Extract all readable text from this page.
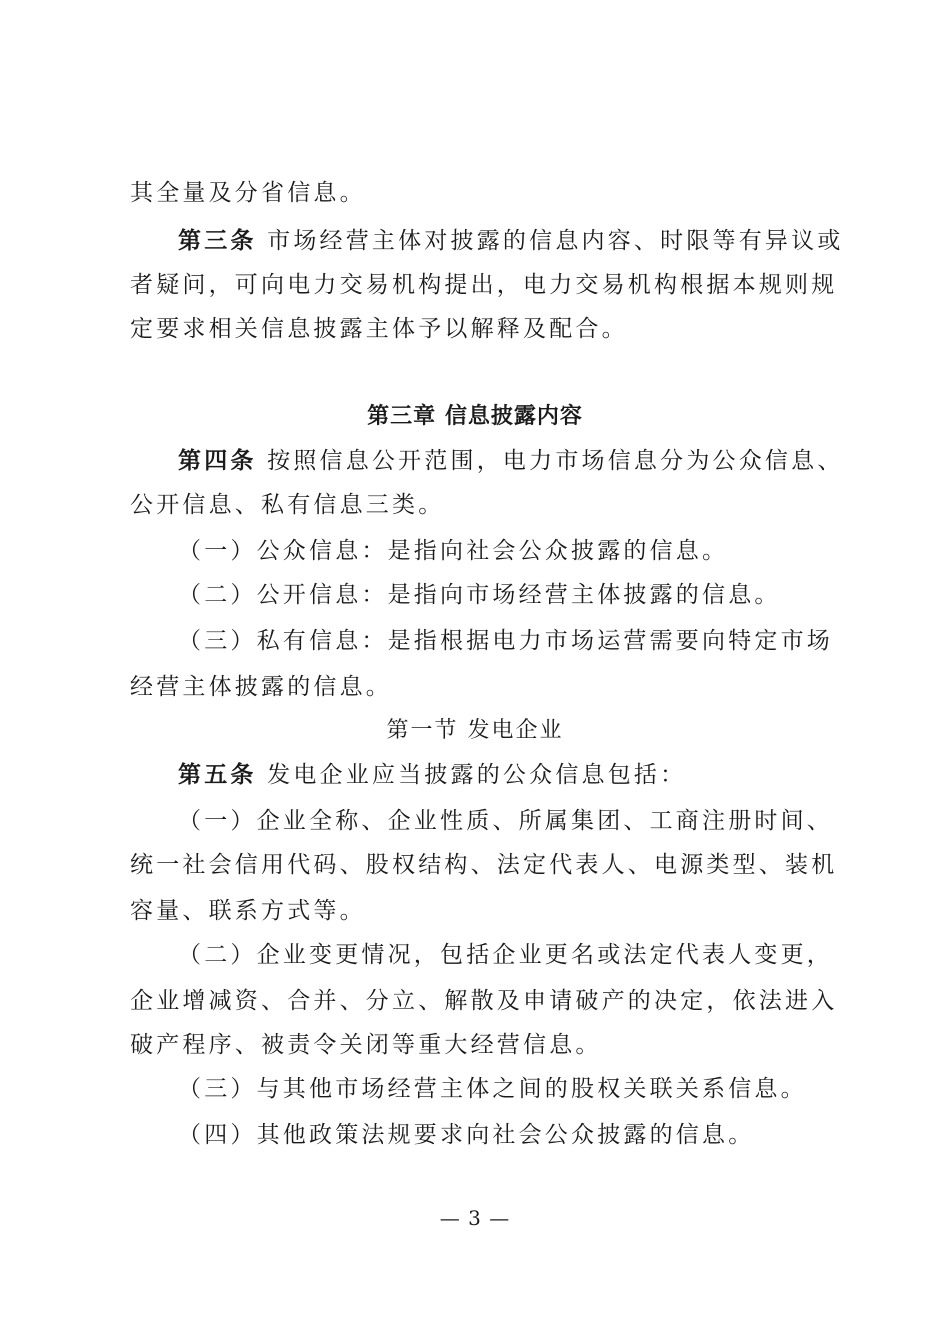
其全量及分省信息。
第三条 市场经营主体对披露的信息内容、时限等有异议或
者疑问，可向电力交易机构提出，电力交易机构根据本规则规
定要求相关信息披露主体予以解释及配合。
第三章 信息披露内容
第四条 按照信息公开范围，电力市场信息分为公众信息、
公开信息、私有信息三类。
（一）公众信息：是指向社会公众披露的信息。
（二）公开信息：是指向市场经营主体披露的信息。
（三）私有信息：是指根据电力市场运营需要向特定市场
经营主体披露的信息。
第一节 发电企业
第五条 发电企业应当披露的公众信息包括：
（一）企业全称、企业性质、所属集团、工商注册时间、
统一社会信用代码、股权结构、法定代表人、电源类型、装机
容量、联系方式等。
（二）企业变更情况，包括企业更名或法定代表人变更，
企业增减资、合并、分立、解散及申请破产的决定，依法进入
破产程序、被责令关闭等重大经营信息。
（三）与其他市场经营主体之间的股权关联关系信息。
（四）其他政策法规要求向社会公众披露的信息。
— 3 —
